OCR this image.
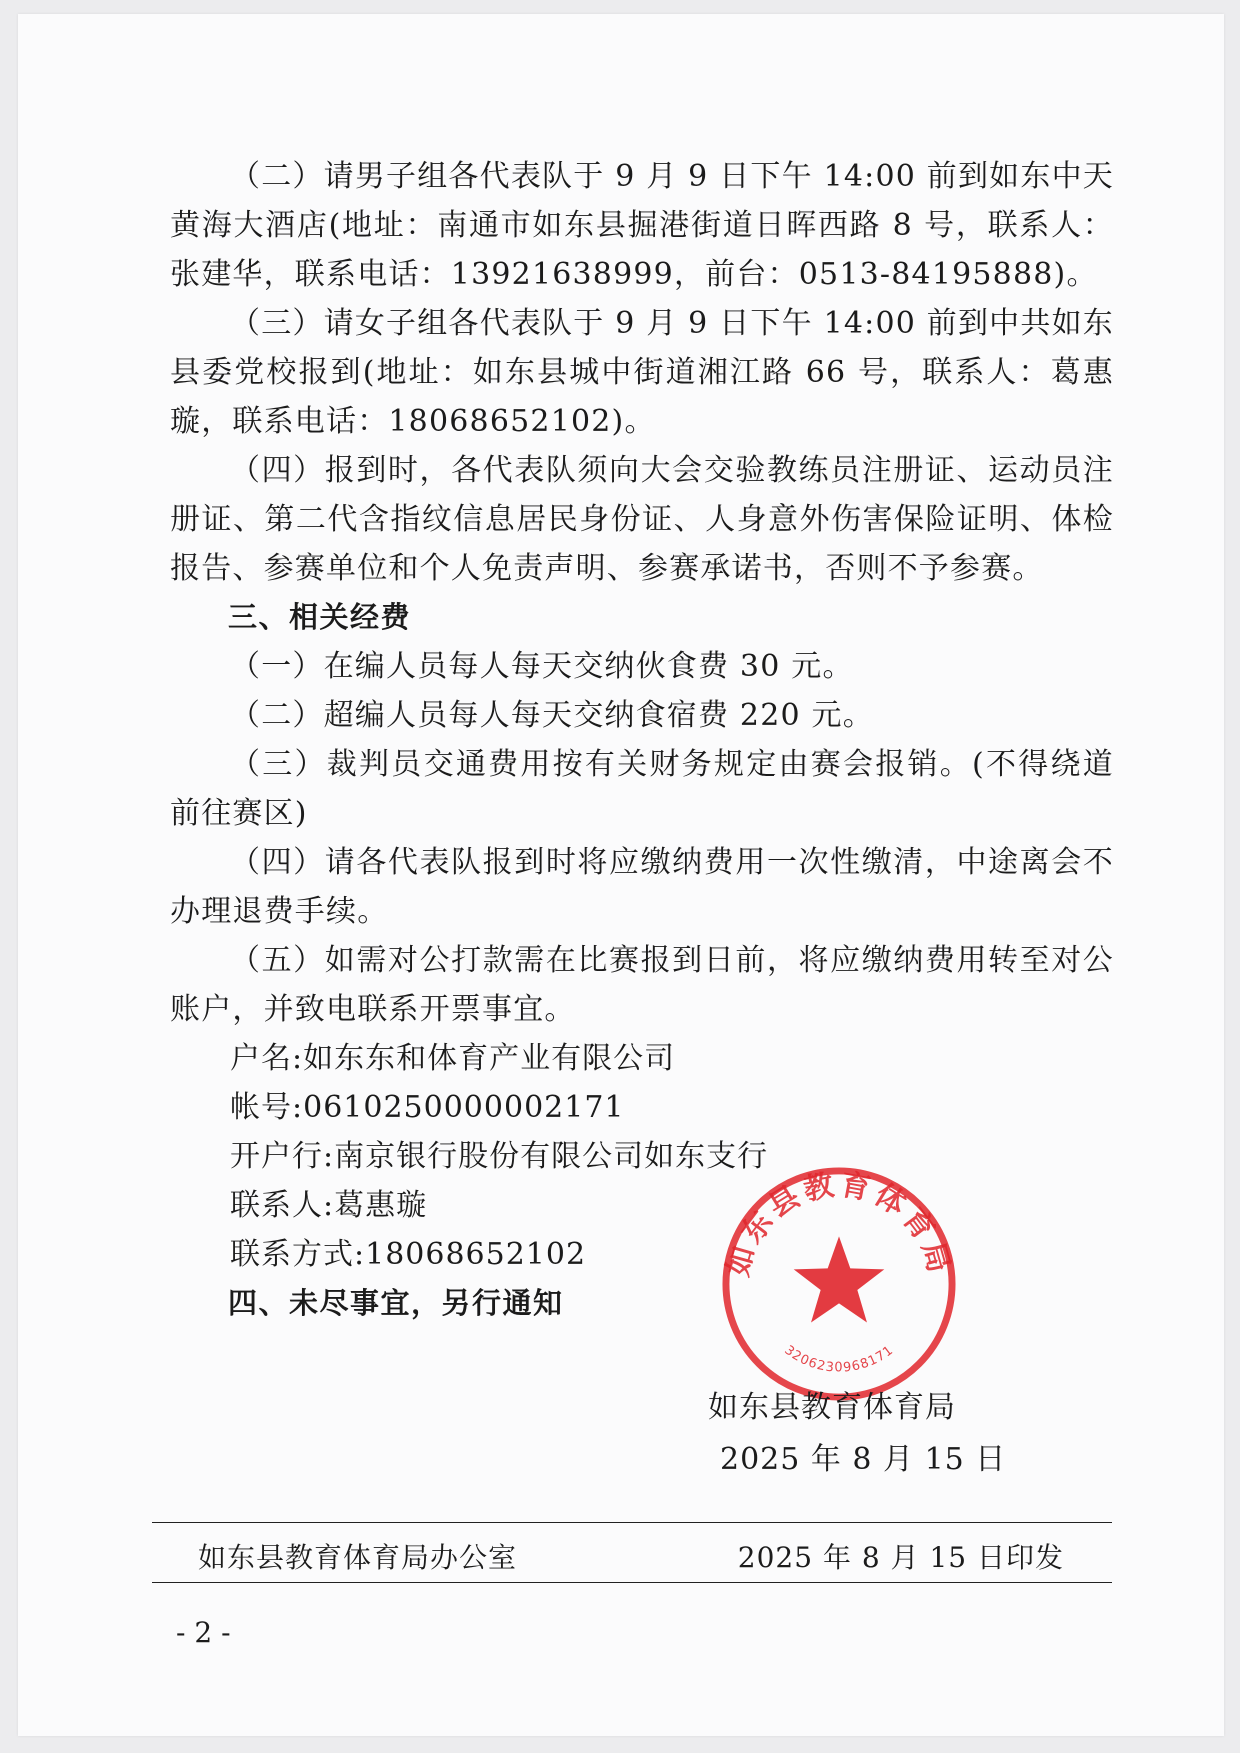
（二）请男子组各代表队于 9 月 9 日下午 14:00 前到如东中天黄海大酒店(地址：南通市如东县掘港街道日晖西路 8 号，联系人：张建华，联系电话：13921638999，前台：0513-84195888)。

（三）请女子组各代表队于 9 月 9 日下午 14:00 前到中共如东县委党校报到(地址：如东县城中街道湘江路 66 号，联系人：葛惠璇，联系电话：18068652102)。

（四）报到时，各代表队须向大会交验教练员注册证、运动员注册证、第二代含指纹信息居民身份证、人身意外伤害保险证明、体检报告、参赛单位和个人免责声明、参赛承诺书，否则不予参赛。

三、相关经费

（一）在编人员每人每天交纳伙食费 30 元。

（二）超编人员每人每天交纳食宿费 220 元。

（三）裁判员交通费用按有关财务规定由赛会报销。(不得绕道前往赛区)

（四）请各代表队报到时将应缴纳费用一次性缴清，中途离会不办理退费手续。

（五）如需对公打款需在比赛报到日前，将应缴纳费用转至对公账户，并致电联系开票事宜。

户名:如东东和体育产业有限公司

帐号:0610250000002171

开户行:南京银行股份有限公司如东支行

联系人:葛惠璇

联系方式:18068652102

四、未尽事宜，另行通知

如东县教育体育局
3206230968171
如东县教育体育局
2025 年 8 月 15 日
如东县教育体育局办公室	2025 年 8 月 15 日印发
- 2 -
